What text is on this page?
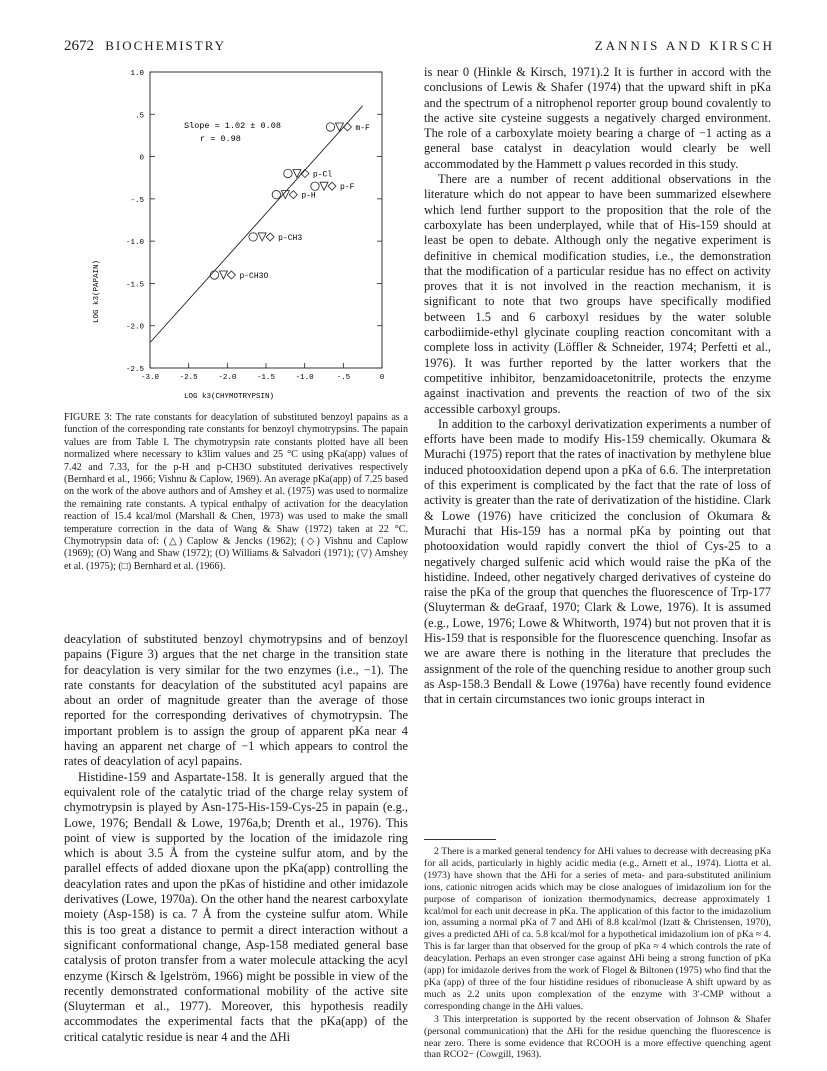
2672 BIOCHEMISTRY	ZANNIS AND KIRSCH
1.0
.5
0
-.5
-1.0
-1.5
-2.0
-2.5
-3.0	-2.5	-2.0	-1.5	-1.0	-.5	0
m-F
p-Cl
p-F
p-H
p-CH3
p-CH3O
Slope = 1.02 ± 0.08
r = 0.98
LOG k3(PAPAIN)
LOG k3(CHYMOTRYPSIN)
FIGURE 3: The rate constants for deacylation of substituted benzoyl papains as a function of the corresponding rate constants for benzoyl chymotrypsins. The papain values are from Table I. The chymotrypsin rate constants plotted have all been normalized where necessary to k3lim values and 25 °C using pKa(app) values of 7.42 and 7.33, for the p-H and p-CH3O substituted derivatives respectively (Bernhard et al., 1966; Vishnu & Caplow, 1969). An average pKa(app) of 7.25 based on the work of the above authors and of Amshey et al. (1975) was used to normalize the remaining rate constants. A typical enthalpy of activation for the deacylation reaction of 15.4 kcal/mol (Marshall & Chen, 1973) was used to make the small temperature correction in the data of Wang & Shaw (1972) taken at 22 °C. Chymotrypsin data of: (△) Caplow & Jencks (1962); (◇) Vishnu and Caplow (1969); (O) Wang and Shaw (1972); (O) Williams & Salvadori (1971); (▽) Amshey et al. (1975); (□) Bernhard et al. (1966).

deacylation of substituted benzoyl chymotrypsins and of benzoyl papains (Figure 3) argues that the net charge in the transition state for deacylation is very similar for the two enzymes (i.e., −1). The rate constants for deacylation of the substituted acyl papains are about an order of magnitude greater than the average of those reported for the corresponding derivatives of chymotrypsin. The important problem is to assign the group of apparent pKa near 4 having an apparent net charge of −1 which appears to control the rates of deacylation of acyl papains.

Histidine-159 and Aspartate-158. It is generally argued that the equivalent role of the catalytic triad of the charge relay system of chymotrypsin is played by Asn-175-His-159-Cys-25 in papain (e.g., Lowe, 1976; Bendall & Lowe, 1976a,b; Drenth et al., 1976). This point of view is supported by the location of the imidazole ring which is about 3.5 Å from the cysteine sulfur atom, and by the parallel effects of added dioxane upon the pKa(app) controlling the deacylation rates and upon the pKas of histidine and other imidazole derivatives (Lowe, 1970a). On the other hand the nearest carboxylate moiety (Asp-158) is ca. 7 Å from the cysteine sulfur atom. While this is too great a distance to permit a direct interaction without a significant conformational change, Asp-158 mediated general base catalysis of proton transfer from a water molecule attacking the acyl enzyme (Kirsch & Igelström, 1966) might be possible in view of the recently demonstrated conformational mobility of the active site (Sluyterman et al., 1977). Moreover, this hypothesis readily accommodates the experimental facts that the pKa(app) of the critical catalytic residue is near 4 and the ΔHi

is near 0 (Hinkle & Kirsch, 1971).2 It is further in accord with the conclusions of Lewis & Shafer (1974) that the upward shift in pKa and the spectrum of a nitrophenol reporter group bound covalently to the active site cysteine suggests a negatively charged environment. The role of a carboxylate moiety bearing a charge of −1 acting as a general base catalyst in deacylation would clearly be well accommodated by the Hammett ρ values recorded in this study.

There are a number of recent additional observations in the literature which do not appear to have been summarized elsewhere which lend further support to the proposition that the role of the carboxylate has been underplayed, while that of His-159 should at least be open to debate. Although only the negative experiment is definitive in chemical modification studies, i.e., the demonstration that the modification of a particular residue has no effect on activity proves that it is not involved in the reaction mechanism, it is significant to note that two groups have specifically modified between 1.5 and 6 carboxyl residues by the water soluble carbodiimide-ethyl glycinate coupling reaction concomitant with a complete loss in activity (Löffler & Schneider, 1974; Perfetti et al., 1976). It was further reported by the latter workers that the competitive inhibitor, benzamidoacetonitrile, protects the enzyme against inactivation and prevents the reaction of two of the six accessible carboxyl groups.

In addition to the carboxyl derivatization experiments a number of efforts have been made to modify His-159 chemically. Okumara & Murachi (1975) report that the rates of inactivation by methylene blue induced photooxidation depend upon a pKa of 6.6. The interpretation of this experiment is complicated by the fact that the rate of loss of activity is greater than the rate of derivatization of the histidine. Clark & Lowe (1976) have criticized the conclusion of Okumara & Murachi that His-159 has a normal pKa by pointing out that photooxidation would rapidly convert the thiol of Cys-25 to a negatively charged sulfenic acid which would raise the pKa of the histidine. Indeed, other negatively charged derivatives of cysteine do raise the pKa of the group that quenches the fluorescence of Trp-177 (Sluyterman & deGraaf, 1970; Clark & Lowe, 1976). It is assumed (e.g., Lowe, 1976; Lowe & Whitworth, 1974) but not proven that it is His-159 that is responsible for the fluorescence quenching. Insofar as we are aware there is nothing in the literature that precludes the assignment of the role of the quenching residue to another group such as Asp-158.3 Bendall & Lowe (1976a) have recently found evidence that in certain circumstances two ionic groups interact in

2 There is a marked general tendency for ΔHi values to decrease with decreasing pKa for all acids, particularly in highly acidic media (e.g., Arnett et al., 1974). Liotta et al. (1973) have shown that the ΔHi for a series of meta- and para-substituted anilinium ions, cationic nitrogen acids which may be close analogues of imidazolium ion for the purpose of comparison of ionization thermodynamics, decrease approximately 1 kcal/mol for each unit decrease in pKa. The application of this factor to the imidazolium ion, assuming a normal pKa of 7 and ΔHi of 8.8 kcal/mol (Izatt & Christensen, 1970), gives a predicted ΔHi of ca. 5.8 kcal/mol for a hypothetical imidazolium ion of pKa ≈ 4. This is far larger than that observed for the group of pKa ≈ 4 which controls the rate of deacylation. Perhaps an even stronger case against ΔHi being a strong function of pKa (app) for imidazole derives from the work of Flogel & Biltonen (1975) who find that the pKa (app) of three of the four histidine residues of ribonuclease A shift upward by as much as 2.2 units upon complexation of the enzyme with 3′-CMP without a corresponding change in the ΔHi values.

3 This interpretation is supported by the recent observation of Johnson & Shafer (personal communication) that the ΔHi for the residue quenching the fluorescence is near zero. There is some evidence that RCOOH is a more effective quenching agent than RCO2− (Cowgill, 1963).
